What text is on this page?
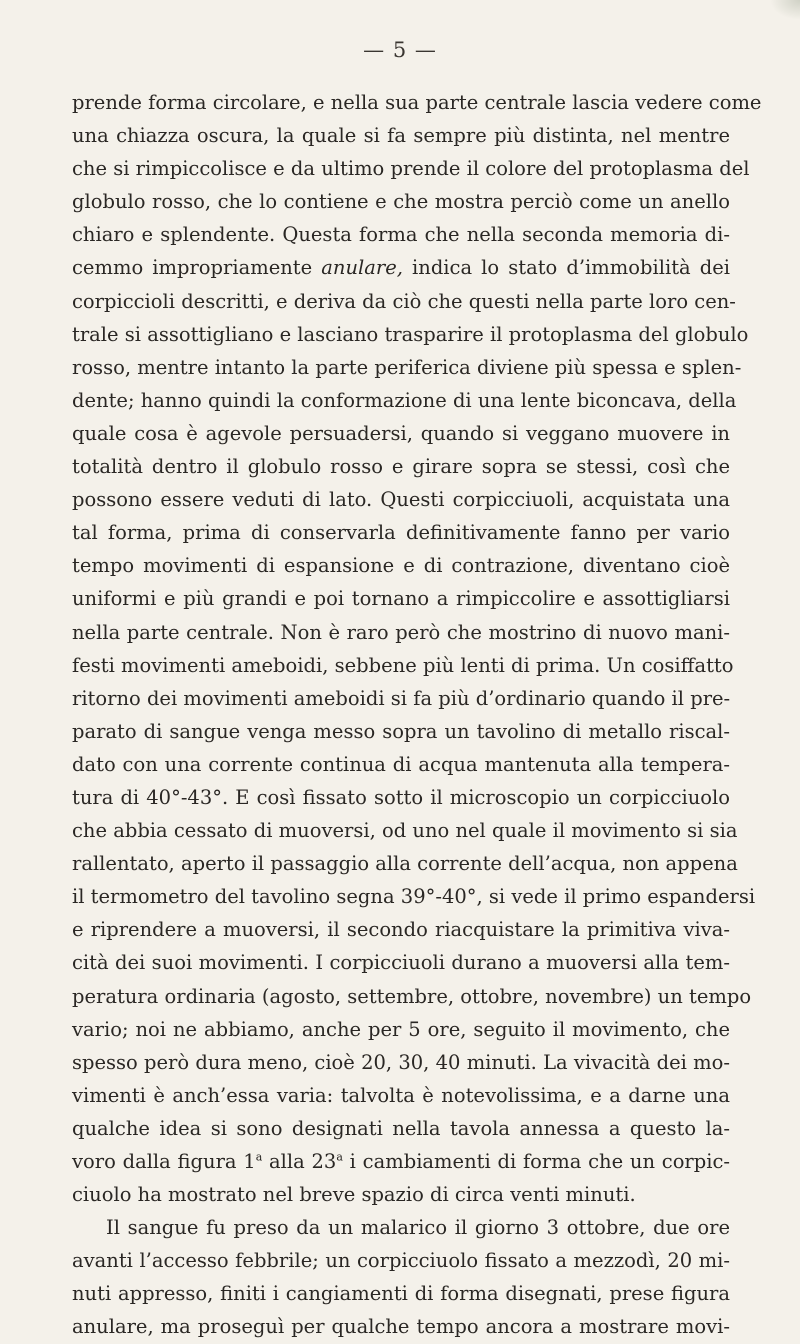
— 5 —
prende forma circolare, e nella sua parte centrale lascia vedere come
una chiazza oscura, la quale si fa sempre più distinta, nel mentre
che si rimpiccolisce e da ultimo prende il colore del protoplasma del
globulo rosso, che lo contiene e che mostra perciò come un anello
chiaro e splendente. Questa forma che nella seconda memoria di-
cemmo impropriamente anulare, indica lo stato d’immobilità dei
corpiccioli descritti, e deriva da ciò che questi nella parte loro cen-
trale si assottigliano e lasciano trasparire il protoplasma del globulo
rosso, mentre intanto la parte periferica diviene più spessa e splen-
dente; hanno quindi la conformazione di una lente biconcava, della
quale cosa è agevole persuadersi, quando si veggano muovere in
totalità dentro il globulo rosso e girare sopra se stessi, così che
possono essere veduti di lato. Questi corpicciuoli, acquistata una
tal forma, prima di conservarla definitivamente fanno per vario
tempo movimenti di espansione e di contrazione, diventano cioè
uniformi e più grandi e poi tornano a rimpiccolire e assottigliarsi
nella parte centrale. Non è raro però che mostrino di nuovo mani-
festi movimenti ameboidi, sebbene più lenti di prima. Un cosiffatto
ritorno dei movimenti ameboidi si fa più d’ordinario quando il pre-
parato di sangue venga messo sopra un tavolino di metallo riscal-
dato con una corrente continua di acqua mantenuta alla tempera-
tura di 40°-43°. E così fissato sotto il microscopio un corpicciuolo
che abbia cessato di muoversi, od uno nel quale il movimento si sia
rallentato, aperto il passaggio alla corrente dell’acqua, non appena
il termometro del tavolino segna 39°-40°, si vede il primo espandersi
e riprendere a muoversi, il secondo riacquistare la primitiva viva-
cità dei suoi movimenti. I corpicciuoli durano a muoversi alla tem-
peratura ordinaria (agosto, settembre, ottobre, novembre) un tempo
vario; noi ne abbiamo, anche per 5 ore, seguito il movimento, che
spesso però dura meno, cioè 20, 30, 40 minuti. La vivacità dei mo-
vimenti è anch’essa varia: talvolta è notevolissima, e a darne una
qualche idea si sono designati nella tavola annessa a questo la-
voro dalla figura 1$^a$ alla 23$^a$ i cambiamenti di forma che un corpic-
ciuolo ha mostrato nel breve spazio di circa venti minuti.
Il sangue fu preso da un malarico il giorno 3 ottobre, due ore
avanti l’accesso febbrile; un corpicciuolo fissato a mezzodì, 20 mi-
nuti appresso, finiti i cangiamenti di forma disegnati, prese figura
anulare, ma proseguì per qualche tempo ancora a mostrare movi-
